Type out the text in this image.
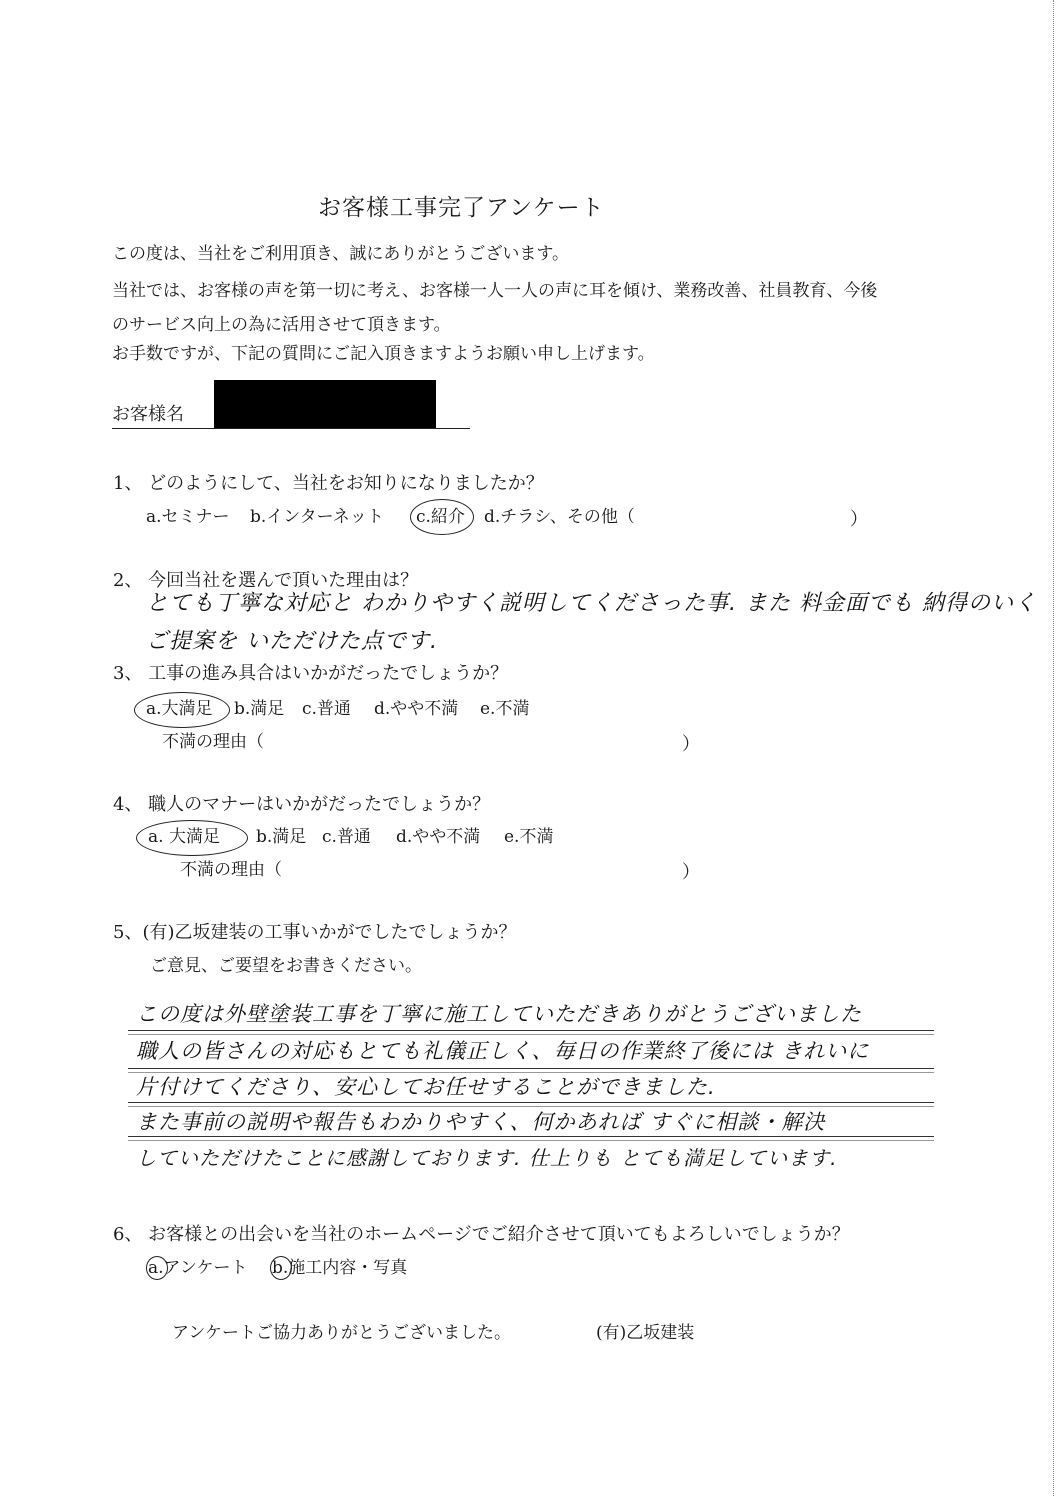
お客様工事完了アンケート
この度は、当社をご利用頂き、誠にありがとうございます。
当社では、お客様の声を第一切に考え、お客様一人一人の声に耳を傾け、業務改善、社員教育、今後
のサービス向上の為に活用させて頂きます。
お手数ですが、下記の質問にご記入頂きますようお願い申し上げます。
お客様名
1、 どのようにして、当社をお知りになりましたか？
a.セミナー b.インターネット c.紹介 d.チラシ、その他（	）
2、 今回当社を選んで頂いた理由は？
とても丁寧な対応と わかりやすく説明してくださった事. また 料金面でも 納得のいく
ご提案を いただけた点です.
3、 工事の進み具合はいかがだったでしょうか？
a.大満足 b.満足 c.普通 d.やや不満 e.不満
不満の理由（	）
4、 職人のマナーはいかがだったでしょうか？
a. 大満足 b.満足 c.普通 d.やや不満 e.不満
不満の理由（	）
5、(有)乙坂建装の工事いかがでしたでしょうか？
ご意見、ご要望をお書きください。
この度は外壁塗装工事を丁寧に施工していただきありがとうございました
職人の皆さんの対応もとても礼儀正しく、毎日の作業終了後には きれいに
片付けてくださり、安心してお任せすることができました.
また事前の説明や報告もわかりやすく、何かあれば すぐに相談・解決
していただけたことに感謝しております. 仕上りも とても満足しています.
6、 お客様との出会いを当社のホームページでご紹介させて頂いてもよろしいでしょうか？
a.アンケート b.施工内容・写真
アンケートご協力ありがとうございました。	(有)乙坂建装
